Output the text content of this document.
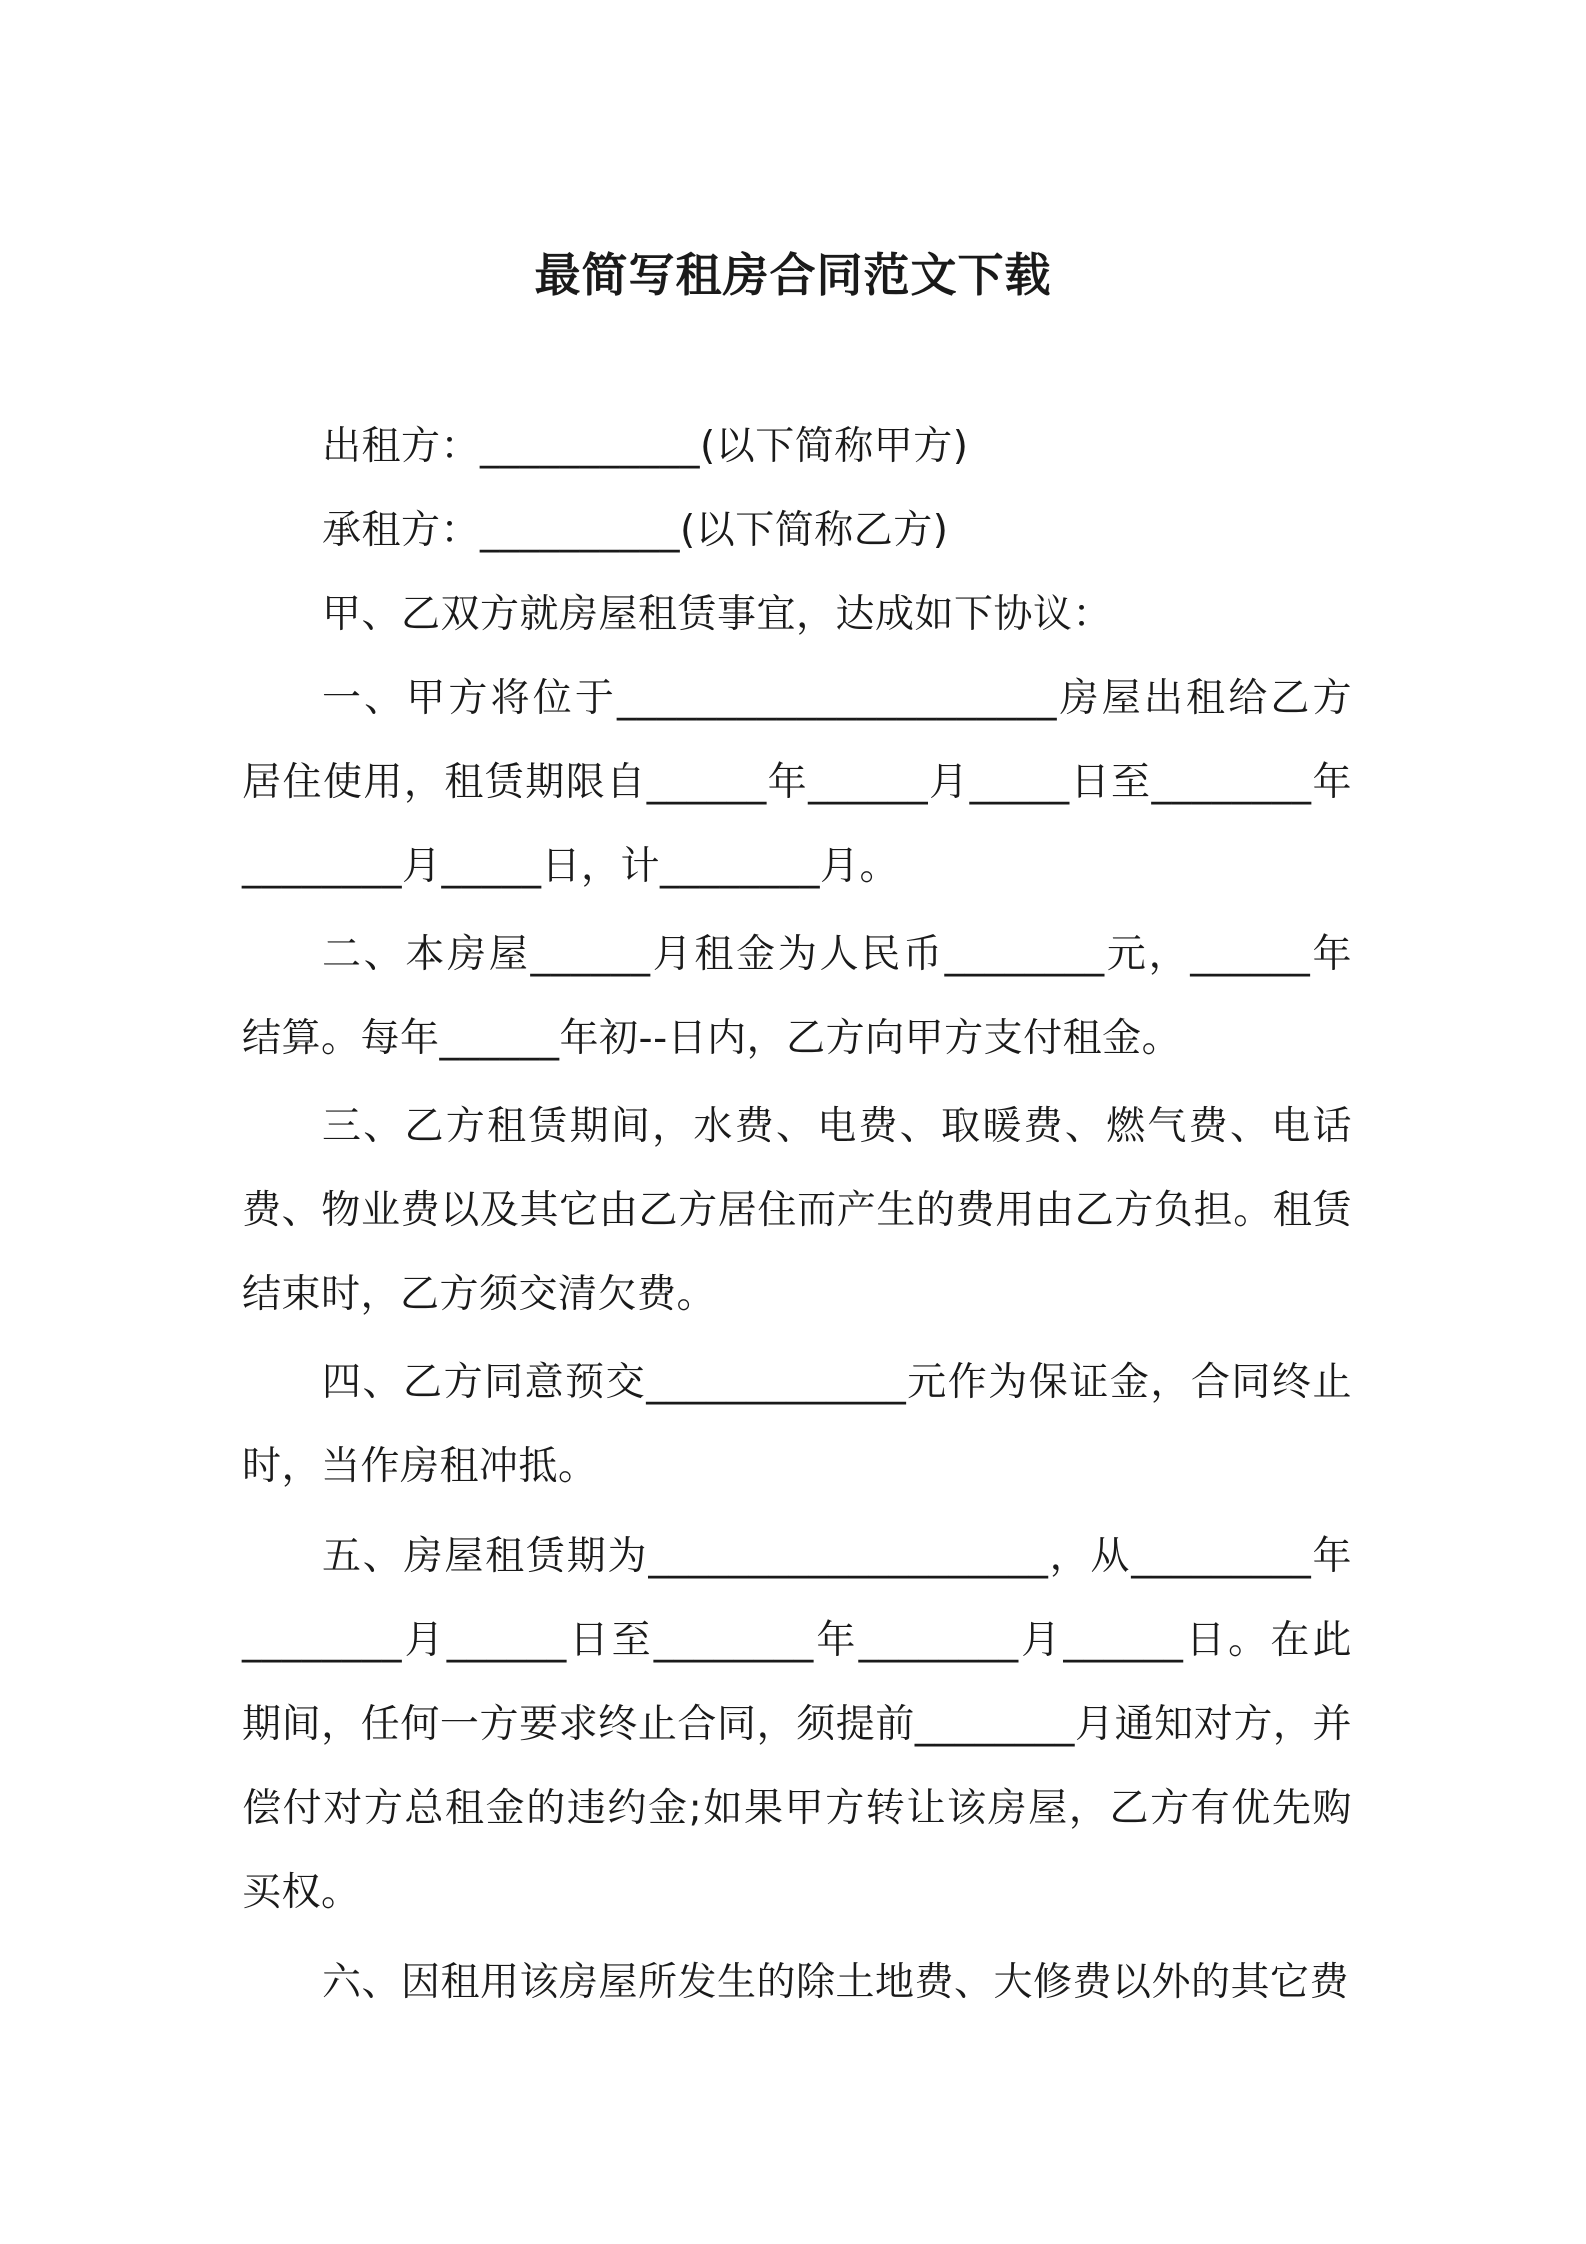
最简写租房合同范文下载

出租方：___________(以下简称甲方)

承租方：__________(以下简称乙方)

甲、乙双方就房屋租赁事宜，达成如下协议：

一、甲方将位于______________________房屋出租给乙方居住使用，租赁期限自______年______月_____日至________年________月_____日，计________月。

二、本房屋______月租金为人民币________元，______年结算。每年______年初--日内，乙方向甲方支付租金。

三、乙方租赁期间，水费、电费、取暖费、燃气费、电话费、物业费以及其它由乙方居住而产生的费用由乙方负担。租赁结束时，乙方须交清欠费。

四、乙方同意预交_____________元作为保证金，合同终止时，当作房租冲抵。

五、房屋租赁期为____________________，从_________年________月______日至________年________月______日。在此期间，任何一方要求终止合同，须提前________月通知对方，并偿付对方总租金的违约金;如果甲方转让该房屋，乙方有优先购买权。

六、因租用该房屋所发生的除土地费、大修费以外的其它费
